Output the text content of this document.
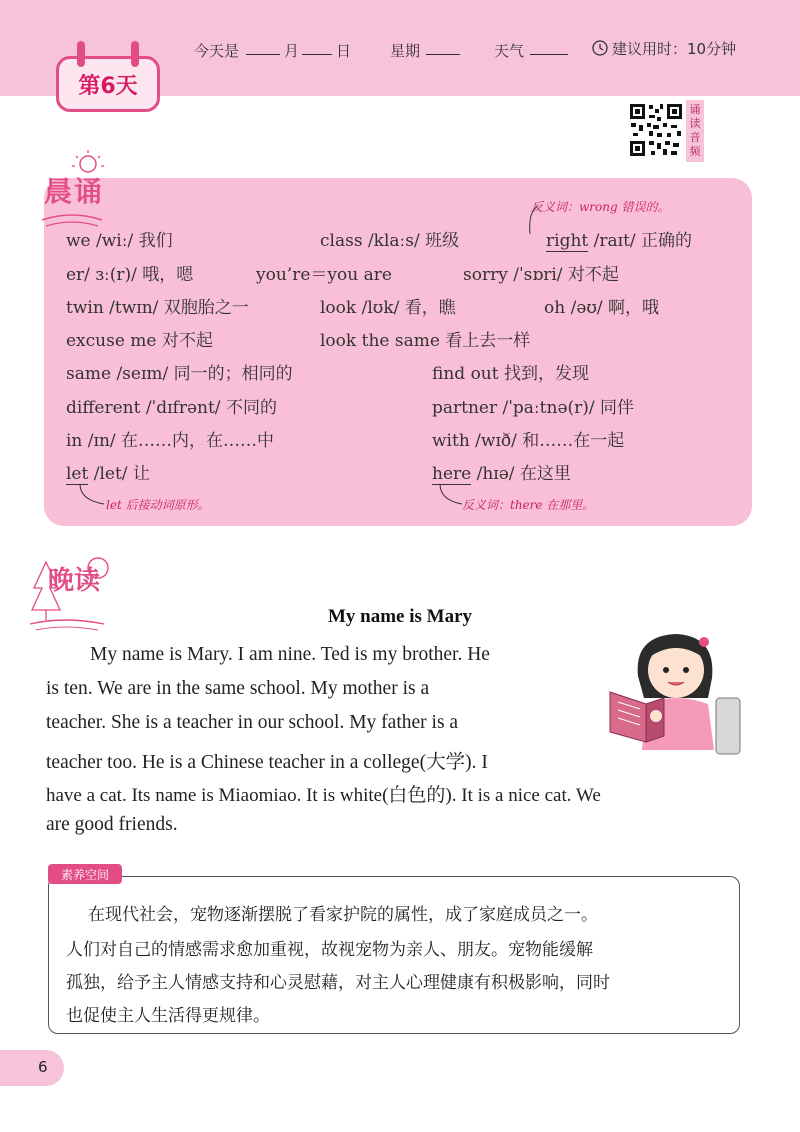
第6天
今天是	月 日	星期	天气	建议用时：10分钟
诵
读
音
频
晨诵	反义词：wrong 错误的。
we /wiː/ 我们	class /klaːs/ 班级	right /raɪt/ 正确的
er/ ɜː(r)/ 哦，嗯	you’re＝you are	sorry /ˈsɒri/ 对不起
twin /twɪn/ 双胞胎之一	look /lʊk/ 看，瞧	oh /əʊ/ 啊，哦
excuse me 对不起	look the same 看上去一样
same /seɪm/ 同一的；相同的	find out 找到，发现
different /ˈdɪfrənt/ 不同的	partner /ˈpaːtnə(r)/ 同伴
in /ɪn/ 在……内，在……中	with /wɪð/ 和……在一起
let /let/ 让	here /hɪə/ 在这里
let 后接动词原形。	反义词：there 在那里。
晚读
My name is Mary
My name is Mary. I am nine. Ted is my brother. He
is ten. We are in the same school. My mother is a
teacher. She is a teacher in our school. My father is a
teacher too. He is a Chinese teacher in a college(大学). I
have a cat. Its name is Miaomiao. It is white(白色的). It is a nice cat. We
are good friends.
素养空间
在现代社会，宠物逐渐摆脱了看家护院的属性，成了家庭成员之一。
人们对自己的情感需求愈加重视，故视宠物为亲人、朋友。宠物能缓解
孤独，给予主人情感支持和心灵慰藉，对主人心理健康有积极影响，同时
也促使主人生活得更规律。
6
